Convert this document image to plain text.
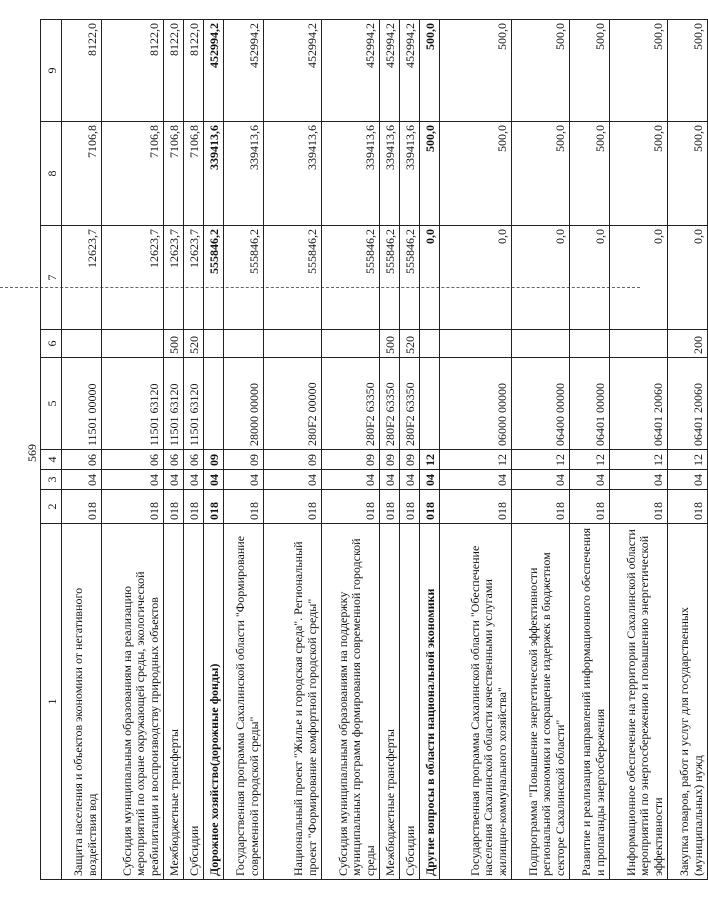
569
1	2	3	4	5	6	7	8	9
Защита населения и объектов экономики от негативного воздействия вод	018	04	06	11501 00000		12623,7	7106,8	8122,0
Субсидия муниципальным образованиям на реализацию мероприятий по охране окружающей среды, экологической реабилитации и воспроизводству природных объектов	018	04	06	11501 63120		12623,7	7106,8	8122,0
Межбюджетные трансферты	018	04	06	11501 63120	500	12623,7	7106,8	8122,0
Субсидии	018	04	06	11501 63120	520	12623,7	7106,8	8122,0
Дорожное хозяйство(дорожные фонды)	018	04	09			555846,2	339413,6	452994,2
Государственная программа Сахалинской области "Формирование современной городской среды"	018	04	09	28000 00000		555846,2	339413,6	452994,2
Национальный проект "Жилье и городская среда". Региональный проект "Формирование комфортной городской среды"	018	04	09	280F2 00000		555846,2	339413,6	452994,2
Субсидия муниципальным образованиям на поддержку муниципальных программ формирования современной городской среды	018	04	09	280F2 63350		555846,2	339413,6	452994,2
Межбюджетные трансферты	018	04	09	280F2 63350	500	555846,2	339413,6	452994,2
Субсидии	018	04	09	280F2 63350	520	555846,2	339413,6	452994,2
Другие вопросы в области национальной экономики	018	04	12			0,0	500,0	500,0
Государственная программа Сахалинской области "Обеспечение населения Сахалинской области качественными услугами жилищно-коммунального хозяйства"	018	04	12	06000 00000		0,0	500,0	500,0
Подпрограмма "Повышение энергетической эффективности региональной экономики и сокращение издержек в бюджетном секторе Сахалинской области"	018	04	12	06400 00000		0,0	500,0	500,0
Развитие и реализация направлений информационного обеспечения и пропаганды энергосбережения	018	04	12	06401 00000		0,0	500,0	500,0
Информационное обеспечение на территории Сахалинской области мероприятий по энергосбережению и повышению энергетической эффективности	018	04	12	06401 20060		0,0	500,0	500,0
Закупка товаров, работ и услуг для государственных (муниципальных) нужд	018	04	12	06401 20060	200	0,0	500,0	500,0
